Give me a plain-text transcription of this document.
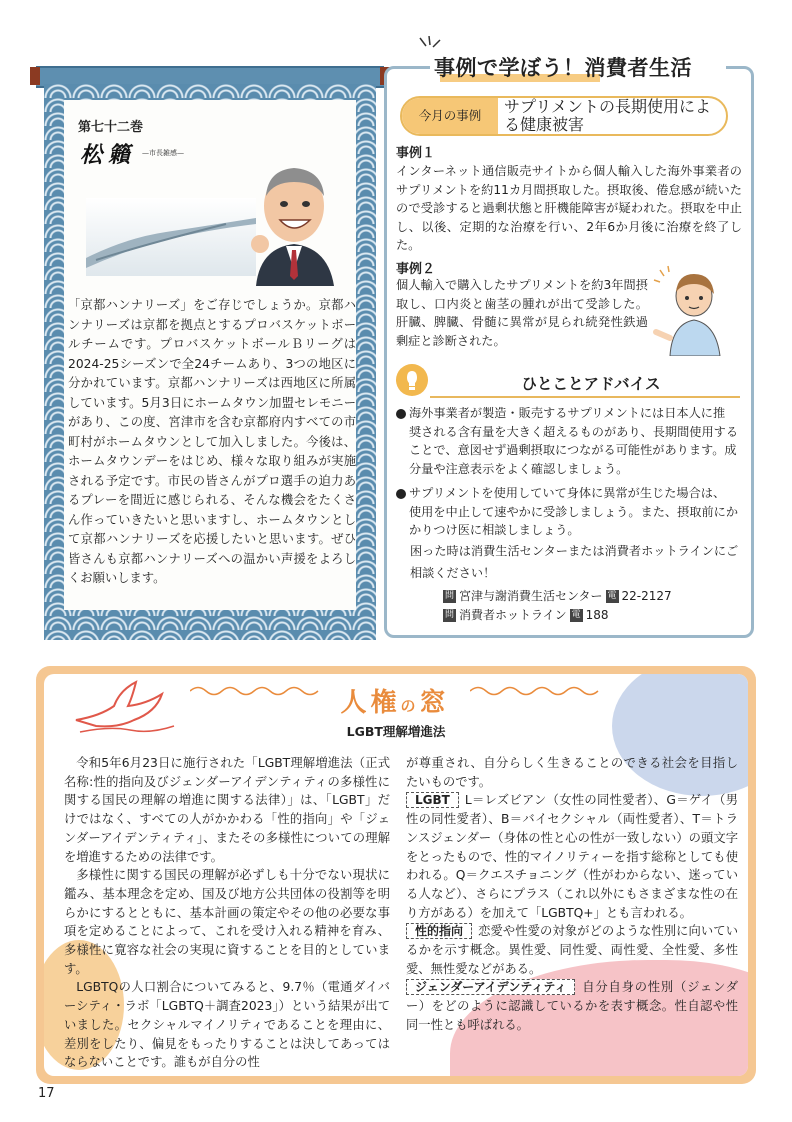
第七十二巻
松籟 —市長雑感—
「京都ハンナリーズ」をご存じでしょうか。京都ハンナリーズは京都を拠点とするプロバスケットボールチームです。プロバスケットボールＢリーグは2024-25シーズンで全24チームあり、3つの地区に分かれています。京都ハンナリーズは西地区に所属しています。5月3日にホームタウン加盟セレモニーがあり、この度、宮津市を含む京都府内すべての市町村がホームタウンとして加入しました。今後は、ホームタウンデーをはじめ、様々な取り組みが実施される予定です。市民の皆さんがプロ選手の迫力あるプレーを間近に感じられる、そんな機会をたくさん作っていきたいと思いますし、ホームタウンとして京都ハンナリーズを応援したいと思います。ぜひ皆さんも京都ハンナリーズへの温かい声援をよろしくお願いします。
事例で学ぼう！消費者生活
今月の事例	サプリメントの長期使用による健康被害
事例１
インターネット通信販売サイトから個人輸入した海外事業者のサプリメントを約11カ月間摂取した。摂取後、倦怠感が続いたので受診すると過剰状態と肝機能障害が疑われた。摂取を中止し、以後、定期的な治療を行い、2年6か月後に治療を終了した。
事例２
個人輸入で購入したサプリメントを約3年間摂取し、口内炎と歯茎の腫れが出て受診した。肝臓、脾臓、骨髄に異常が見られ続発性鉄過剰症と診断された。
ひとことアドバイス
海外事業者が製造・販売するサプリメントには日本人に推
奨される含有量を大きく超えるものがあり、長期間使用することで、意図せず過剰摂取につながる可能性があります。成分量や注意表示をよく確認しましょう。
サプリメントを使用していて身体に異常が生じた場合は、
使用を中止して速やかに受診しましょう。また、摂取前にかかりつけ医に相談しましょう。
困った時は消費生活センターまたは消費者ホットラインにご相談ください！
問 宮津与謝消費生活センター 電 22-2127
問 消費者ホットライン 電 188
人権の窓
LGBT理解増進法
令和5年6月23日に施行された「LGBT理解増進法（正式名称:性的指向及びジェンダーアイデンティティの多様性に関する国民の理解の増進に関する法律）」は、「LGBT」だけではなく、すべての人がかかわる「性的指向」や「ジェンダーアイデンティティ」、またその多様性についての理解を増進するための法律です。
多様性に関する国民の理解が必ずしも十分でない現状に鑑み、基本理念を定め、国及び地方公共団体の役割等を明らかにするとともに、基本計画の策定やその他の必要な事項を定めることによって、これを受け入れる精神を育み、多様性に寛容な社会の実現に資することを目的としています。
LGBTQの人口割合についてみると、9.7％（電通ダイバーシティ・ラボ「LGBTQ＋調査2023」）という結果が出ていました。セクシャルマイノリティであることを理由に、差別をしたり、偏見をもったりすることは決してあってはならないことです。誰もが自分の性
が尊重され、自分らしく生きることのできる社会を目指したいものです。
LGBT L＝レズビアン（女性の同性愛者）、G＝ゲイ（男性の同性愛者）、B＝バイセクシャル（両性愛者）、T＝トランスジェンダー（身体の性と心の性が一致しない）の頭文字をとったもので、性的マイノリティーを指す総称としても使われる。Q＝クエスチョニング（性がわからない、迷っている人など）、さらにプラス（これ以外にもさまざまな性の在り方がある）を加えて「LGBTQ+」とも言われる。
性的指向 恋愛や性愛の対象がどのような性別に向いているかを示す概念。異性愛、同性愛、両性愛、全性愛、多性愛、無性愛などがある。
ジェンダーアイデンティティ 自分自身の性別（ジェンダー）をどのように認識しているかを表す概念。性自認や性同一性とも呼ばれる。
17
